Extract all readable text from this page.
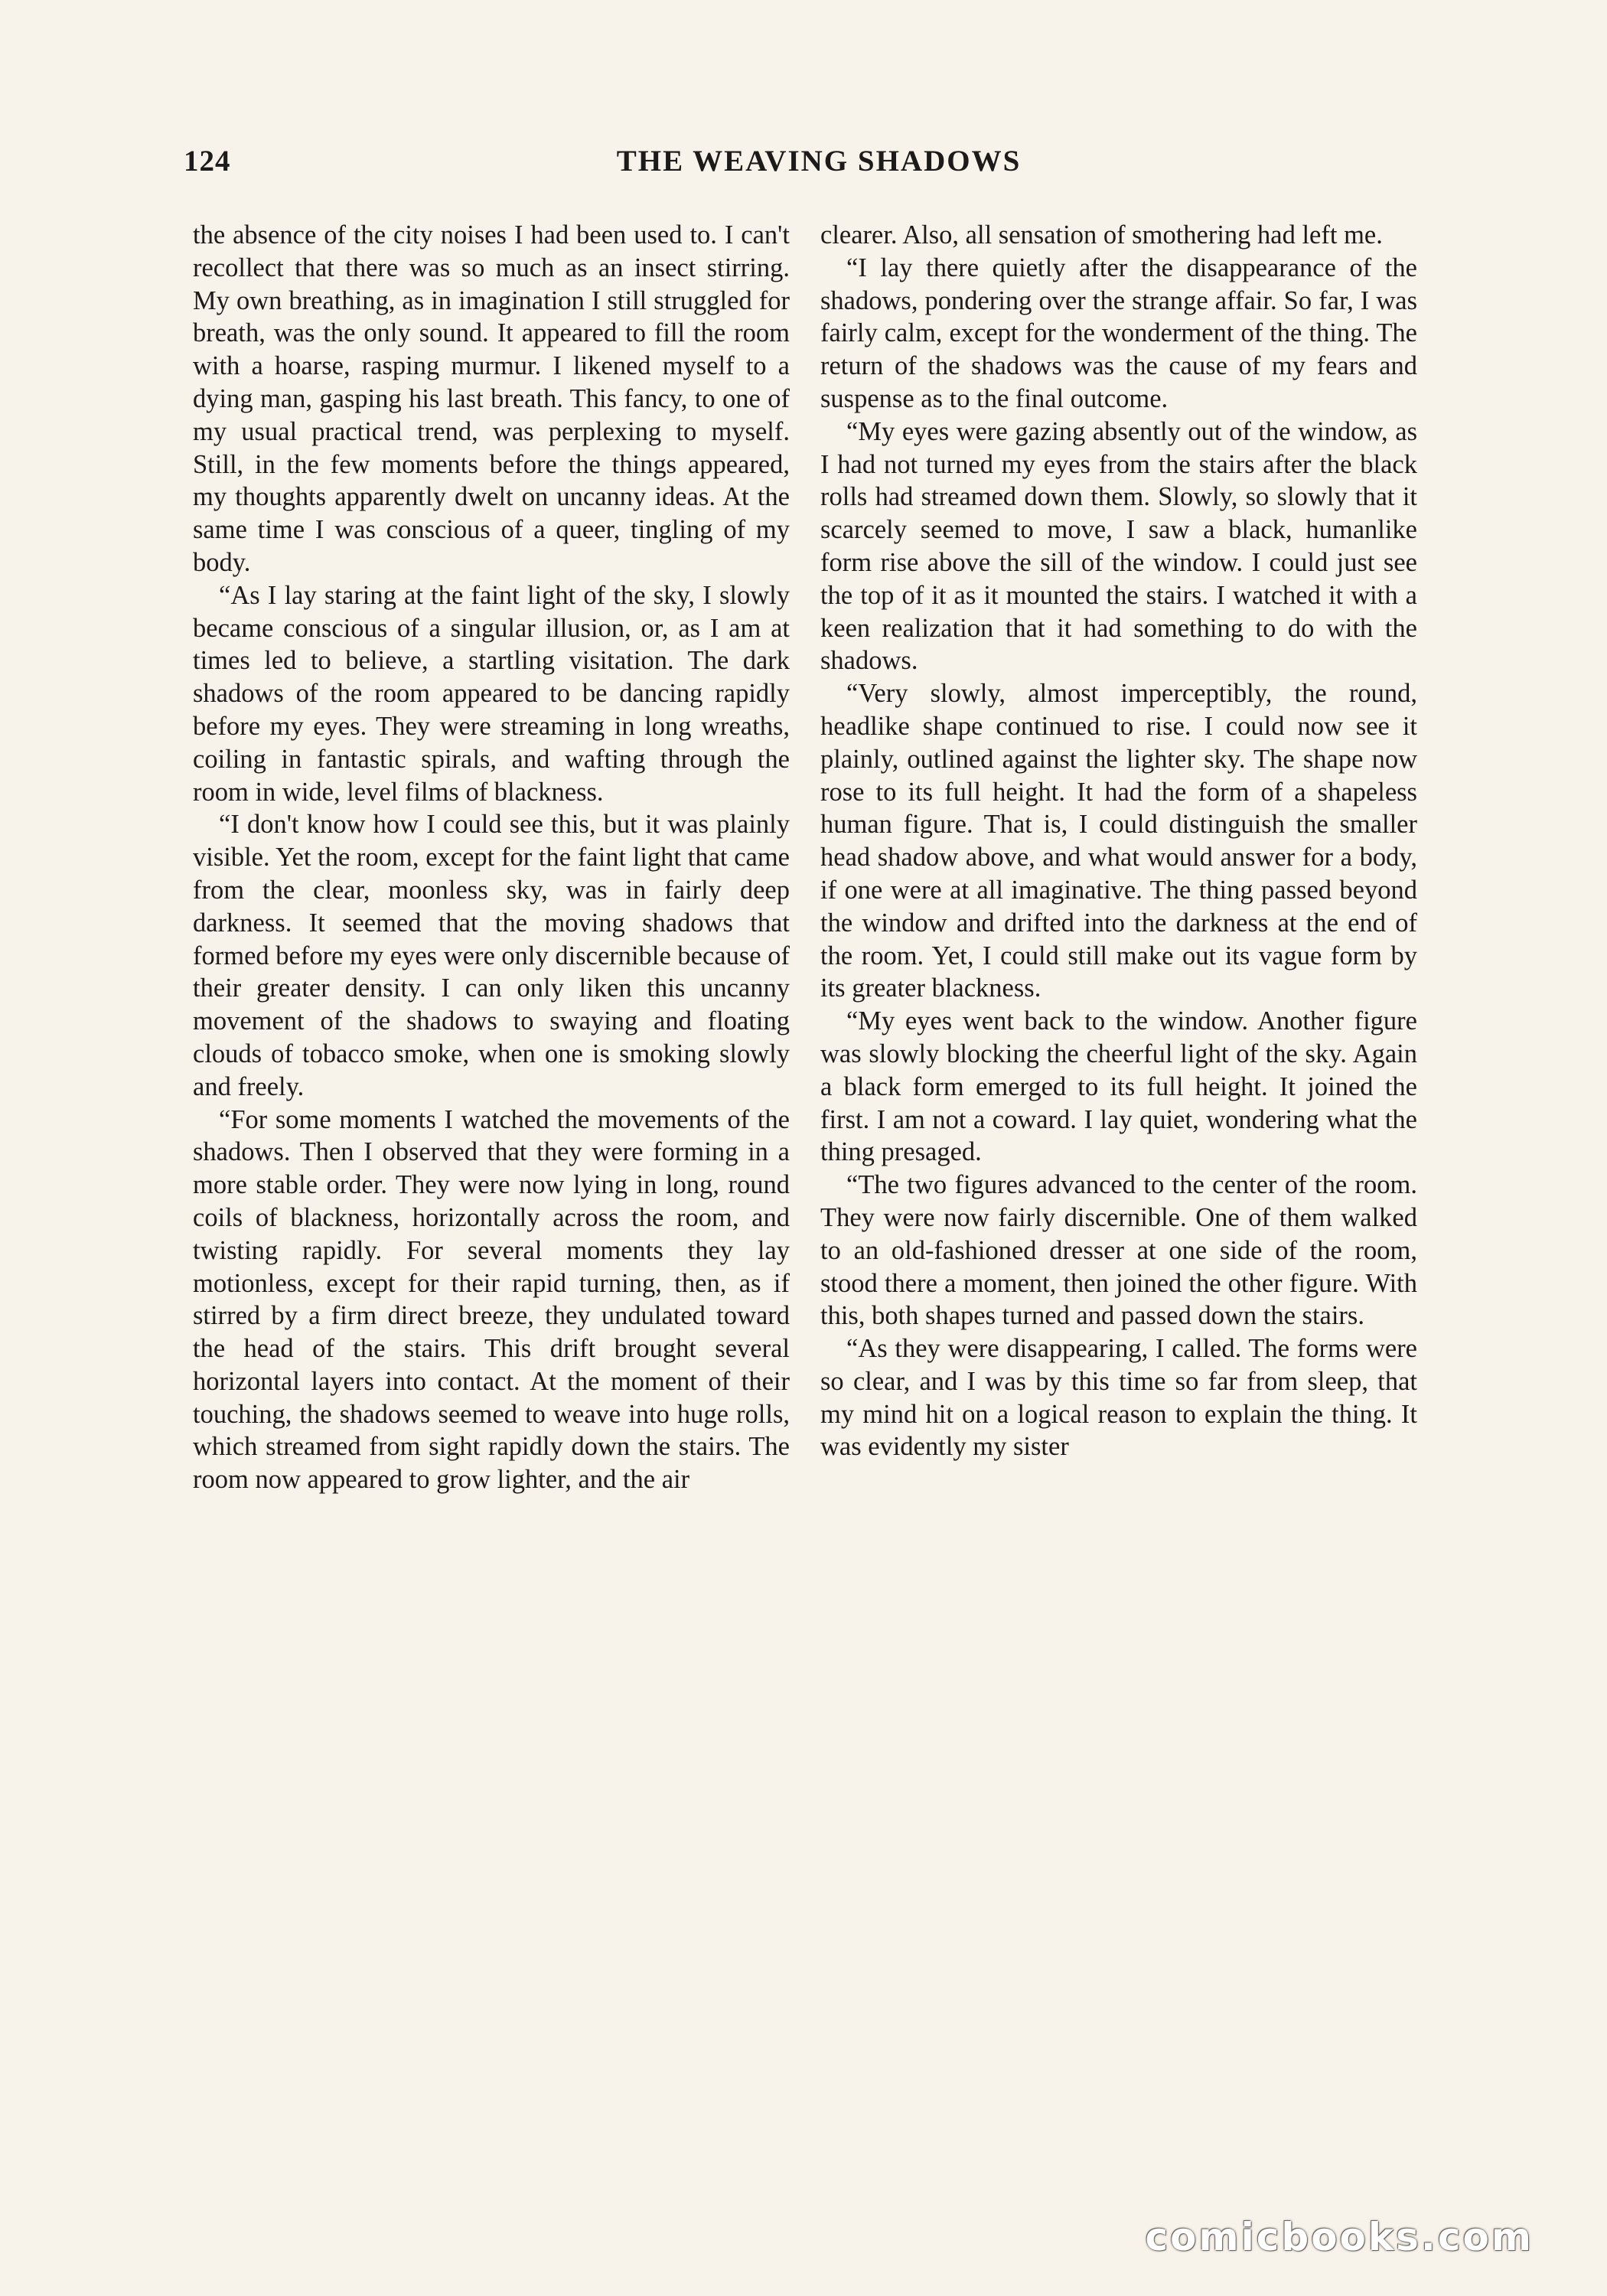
124	THE WEAVING SHADOWS

the absence of the city noises I had been used to. I can't recollect that there was so much as an insect stirring. My own breathing, as in imagination I still struggled for breath, was the only sound. It appeared to fill the room with a hoarse, rasping murmur. I likened myself to a dying man, gasping his last breath. This fancy, to one of my usual practical trend, was perplexing to myself. Still, in the few moments before the things appeared, my thoughts apparently dwelt on uncanny ideas. At the same time I was conscious of a queer, tingling of my body.

“As I lay staring at the faint light of the sky, I slowly became conscious of a singular illusion, or, as I am at times led to believe, a startling visitation. The dark shadows of the room appeared to be dancing rapidly before my eyes. They were streaming in long wreaths, coiling in fantastic spirals, and wafting through the room in wide, level films of blackness.

“I don't know how I could see this, but it was plainly visible. Yet the room, except for the faint light that came from the clear, moonless sky, was in fairly deep darkness. It seemed that the moving shadows that formed before my eyes were only discernible because of their greater density. I can only liken this uncanny movement of the shadows to swaying and floating clouds of tobacco smoke, when one is smoking slowly and freely.

“For some moments I watched the movements of the shadows. Then I observed that they were forming in a more stable order. They were now lying in long, round coils of blackness, horizontally across the room, and twisting rapidly. For several moments they lay motionless, except for their rapid turning, then, as if stirred by a firm direct breeze, they undulated toward the head of the stairs. This drift brought several horizontal layers into contact. At the moment of their touching, the shadows seemed to weave into huge rolls, which streamed from sight rapidly down the stairs. The room now appeared to grow lighter, and the air

clearer. Also, all sensation of smothering had left me.

“I lay there quietly after the disappearance of the shadows, pondering over the strange affair. So far, I was fairly calm, except for the wonderment of the thing. The return of the shadows was the cause of my fears and suspense as to the final outcome.

“My eyes were gazing absently out of the window, as I had not turned my eyes from the stairs after the black rolls had streamed down them. Slowly, so slowly that it scarcely seemed to move, I saw a black, humanlike form rise above the sill of the window. I could just see the top of it as it mounted the stairs. I watched it with a keen realization that it had something to do with the shadows.

“Very slowly, almost imperceptibly, the round, headlike shape continued to rise. I could now see it plainly, outlined against the lighter sky. The shape now rose to its full height. It had the form of a shapeless human figure. That is, I could distinguish the smaller head shadow above, and what would answer for a body, if one were at all imaginative. The thing passed beyond the window and drifted into the darkness at the end of the room. Yet, I could still make out its vague form by its greater blackness.

“My eyes went back to the window. Another figure was slowly blocking the cheerful light of the sky. Again a black form emerged to its full height. It joined the first. I am not a coward. I lay quiet, wondering what the thing presaged.

“The two figures advanced to the center of the room. They were now fairly discernible. One of them walked to an old-fashioned dresser at one side of the room, stood there a moment, then joined the other figure. With this, both shapes turned and passed down the stairs.

“As they were disappearing, I called. The forms were so clear, and I was by this time so far from sleep, that my mind hit on a logical reason to explain the thing. It was evidently my sister

comicbooks.com
